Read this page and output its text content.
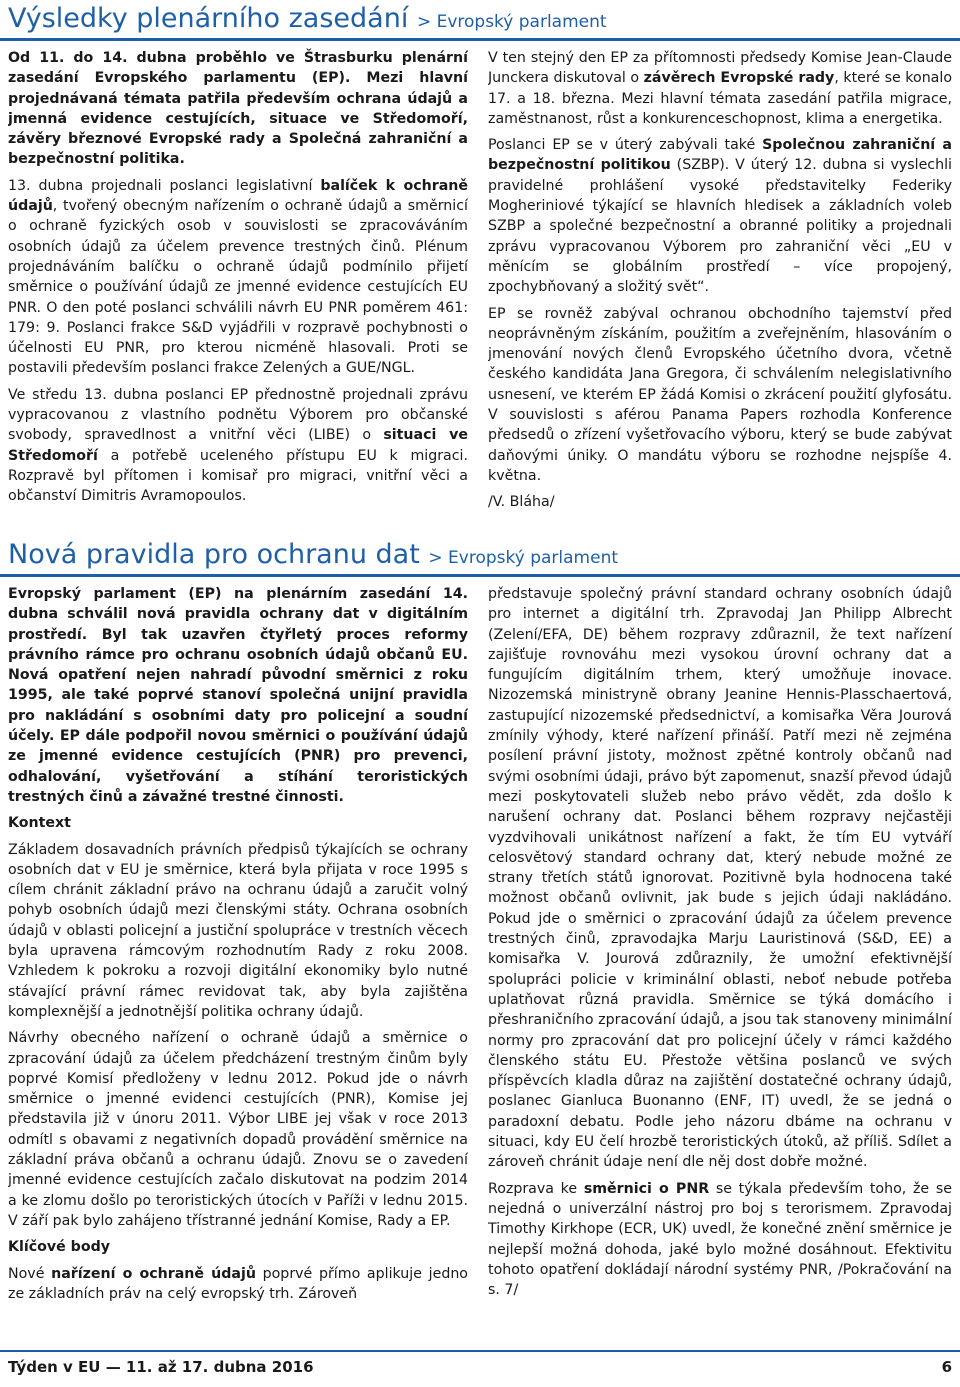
Výsledky plenárního zasedání > Evropský parlament

Od 11. do 14. dubna proběhlo ve Štrasburku plenární zasedání Evropského parlamentu (EP). Mezi hlavní projednávaná témata patřila především ochrana údajů a jmenná evidence cestujících, situace ve Středomoří, závěry březnové Evropské rady a Společná zahraniční a bezpečnostní politika.

13. dubna projednali poslanci legislativní balíček k ochraně údajů, tvořený obecným nařízením o ochraně údajů a směrnicí o ochraně fyzických osob v souvislosti se zpracováváním osobních údajů za účelem prevence trestných činů. Plénum projednáváním balíčku o ochraně údajů podmínilo přijetí směrnice o používání údajů ze jmenné evidence cestujících EU PNR. O den poté poslanci schválili návrh EU PNR poměrem 461: 179: 9. Poslanci frakce S&D vyjádřili v rozpravě pochybnosti o účelnosti EU PNR, pro kterou nicméně hlasovali. Proti se postavili především poslanci frakce Zelených a GUE/NGL.

Ve středu 13. dubna poslanci EP přednostně projednali zprávu vypracovanou z vlastního podnětu Výborem pro občanské svobody, spravedlnost a vnitřní věci (LIBE) o situaci ve Středomoří a potřebě uceleného přístupu EU k migraci. Rozpravě byl přítomen i komisař pro migraci, vnitřní věci a občanství Dimitris Avramopoulos.

V ten stejný den EP za přítomnosti předsedy Komise Jean-Claude Junckera diskutoval o závěrech Evropské rady, které se konalo 17. a 18. března. Mezi hlavní témata zasedání patřila migrace, zaměstnanost, růst a konkurenceschopnost, klima a energetika.

Poslanci EP se v úterý zabývali také Společnou zahraniční a bezpečnostní politikou (SZBP). V úterý 12. dubna si vyslechli pravidelné prohlášení vysoké představitelky Federiky Mogheriniové týkající se hlavních hledisek a základních voleb SZBP a společné bezpečnostní a obranné politiky a projednali zprávu vypracovanou Výborem pro zahraniční věci „EU v měnícím se globálním prostředí – více propojený, zpochybňovaný a složitý svět“.

EP se rovněž zabýval ochranou obchodního tajemství před neoprávněným získáním, použitím a zveřejněním, hlasováním o jmenování nových členů Evropského účetního dvora, včetně českého kandidáta Jana Gregora, či schválením nelegislativního usnesení, ve kterém EP žádá Komisi o zkrácení použití glyfosátu. V souvislosti s aférou Panama Papers rozhodla Konference předsedů o zřízení vyšetřovacího výboru, který se bude zabývat daňovými úniky. O mandátu výboru se rozhodne nejspíše 4. května.

/V. Bláha/

Nová pravidla pro ochranu dat > Evropský parlament

Evropský parlament (EP) na plenárním zasedání 14. dubna schválil nová pravidla ochrany dat v digitálním prostředí. Byl tak uzavřen čtyřletý proces reformy právního rámce pro ochranu osobních údajů občanů EU. Nová opatření nejen nahradí původní směrnici z roku 1995, ale také poprvé stanoví společná unijní pravidla pro nakládání s osobními daty pro policejní a soudní účely. EP dále podpořil novou směrnici o používání údajů ze jmenné evidence cestujících (PNR) pro prevenci, odhalování, vyšetřování a stíhání teroristických trestných činů a závažné trestné činnosti.

Kontext

Základem dosavadních právních předpisů týkajících se ochrany osobních dat v EU je směrnice, která byla přijata v roce 1995 s cílem chránit základní právo na ochranu údajů a zaručit volný pohyb osobních údajů mezi členskými státy. Ochrana osobních údajů v oblasti policejní a justiční spolupráce v trestních věcech byla upravena rámcovým rozhodnutím Rady z roku 2008. Vzhledem k pokroku a rozvoji digitální ekonomiky bylo nutné stávající právní rámec revidovat tak, aby byla zajištěna komplexnější a jednotnější politika ochrany údajů.

Návrhy obecného nařízení o ochraně údajů a směrnice o zpracování údajů za účelem předcházení trestným činům byly poprvé Komisí předloženy v lednu 2012. Pokud jde o návrh směrnice o jmenné evidenci cestujících (PNR), Komise jej představila již v únoru 2011. Výbor LIBE jej však v roce 2013 odmítl s obavami z negativních dopadů provádění směrnice na základní práva občanů a ochranu údajů. Znovu se o zavedení jmenné evidence cestujících začalo diskutovat na podzim 2014 a ke zlomu došlo po teroristických útocích v Paříži v lednu 2015. V září pak bylo zahájeno třístranné jednání Komise, Rady a EP.

Klíčové body

Nové nařízení o ochraně údajů poprvé přímo aplikuje jedno ze základních práv na celý evropský trh. Zároveň

představuje společný právní standard ochrany osobních údajů pro internet a digitální trh. Zpravodaj Jan Philipp Albrecht (Zelení/EFA, DE) během rozpravy zdůraznil, že text nařízení zajišťuje rovnováhu mezi vysokou úrovní ochrany dat a fungujícím digitálním trhem, který umožňuje inovace. Nizozemská ministryně obrany Jeanine Hennis-Plasschaertová, zastupující nizozemské předsednictví, a komisařka Věra Jourová zmínily výhody, které nařízení přináší. Patří mezi ně zejména posílení právní jistoty, možnost zpětné kontroly občanů nad svými osobními údaji, právo být zapomenut, snazší převod údajů mezi poskytovateli služeb nebo právo vědět, zda došlo k narušení ochrany dat. Poslanci během rozpravy nejčastěji vyzdvihovali unikátnost nařízení a fakt, že tím EU vytváří celosvětový standard ochrany dat, který nebude možné ze strany třetích států ignorovat. Pozitivně byla hodnocena také možnost občanů ovlivnit, jak bude s jejich údaji nakládáno. Pokud jde o směrnici o zpracování údajů za účelem prevence trestných činů, zpravodajka Marju Lauristinová (S&D, EE) a komisařka V. Jourová zdůraznily, že umožní efektivnější spolupráci policie v kriminální oblasti, neboť nebude potřeba uplatňovat různá pravidla. Směrnice se týká domácího i přeshraničního zpracování údajů, a jsou tak stanoveny minimální normy pro zpracování dat pro policejní účely v rámci každého členského státu EU. Přestože většina poslanců ve svých příspěvcích kladla důraz na zajištění dostatečné ochrany údajů, poslanec Gianluca Buonanno (ENF, IT) uvedl, že se jedná o paradoxní debatu. Podle jeho názoru dbáme na ochranu v situaci, kdy EU čelí hrozbě teroristických útoků, až příliš. Sdílet a zároveň chránit údaje není dle něj dost dobře možné.

Rozprava ke směrnici o PNR se týkala především toho, že se nejedná o univerzální nástroj pro boj s terorismem. Zpravodaj Timothy Kirkhope (ECR, UK) uvedl, že konečné znění směrnice je nejlepší možná dohoda, jaké bylo možné dosáhnout. Efektivitu tohoto opatření dokládají národní systémy PNR, /Pokračování na s. 7/

Týden v EU — 11. až 17. dubna 2016	6
